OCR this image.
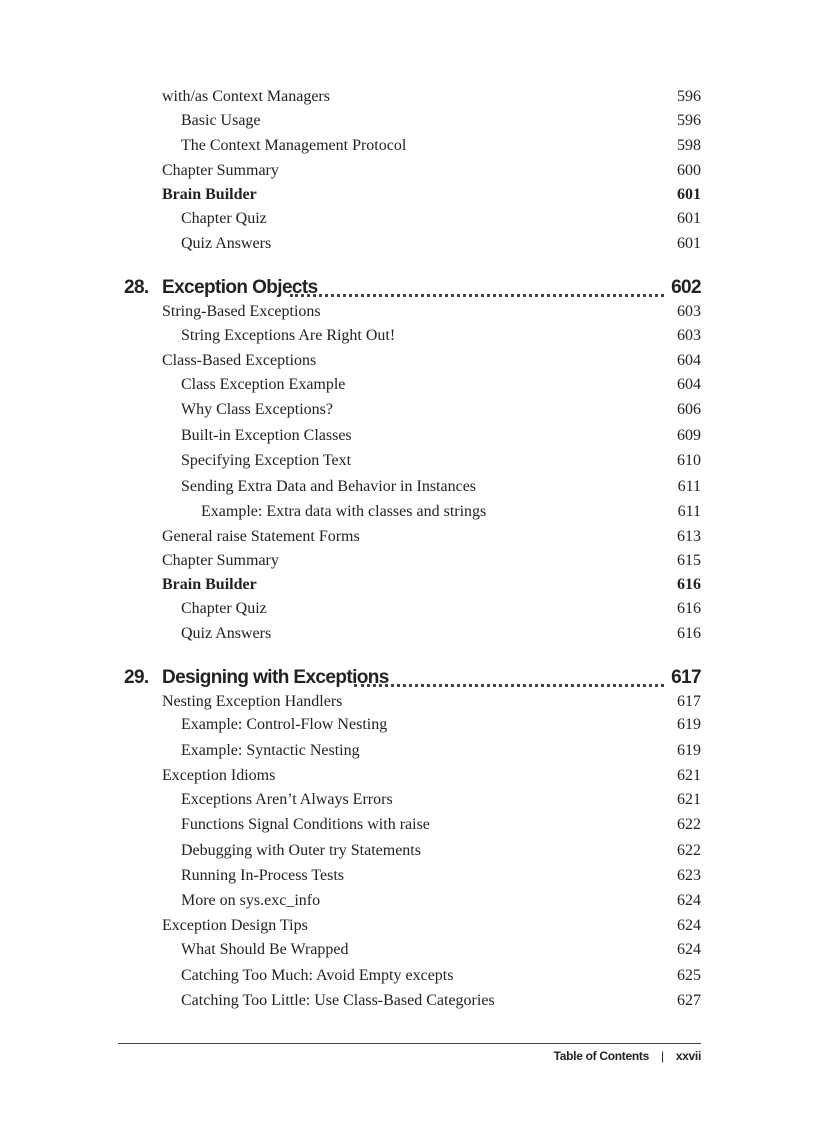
with/as Context Managers	596
Basic Usage	596
The Context Management Protocol	598
Chapter Summary	600
Brain Builder	601
Chapter Quiz	601
Quiz Answers	601
28. Exception Objects	602
String-Based Exceptions	603
String Exceptions Are Right Out!	603
Class-Based Exceptions	604
Class Exception Example	604
Why Class Exceptions?	606
Built-in Exception Classes	609
Specifying Exception Text	610
Sending Extra Data and Behavior in Instances	611
Example: Extra data with classes and strings	611
General raise Statement Forms	613
Chapter Summary	615
Brain Builder	616
Chapter Quiz	616
Quiz Answers	616
29. Designing with Exceptions	617
Nesting Exception Handlers	617
Example: Control-Flow Nesting	619
Example: Syntactic Nesting	619
Exception Idioms	621
Exceptions Aren’t Always Errors	621
Functions Signal Conditions with raise	622
Debugging with Outer try Statements	622
Running In-Process Tests	623
More on sys.exc_info	624
Exception Design Tips	624
What Should Be Wrapped	624
Catching Too Much: Avoid Empty excepts	625
Catching Too Little: Use Class-Based Categories	627
Table of Contents | xxvii
